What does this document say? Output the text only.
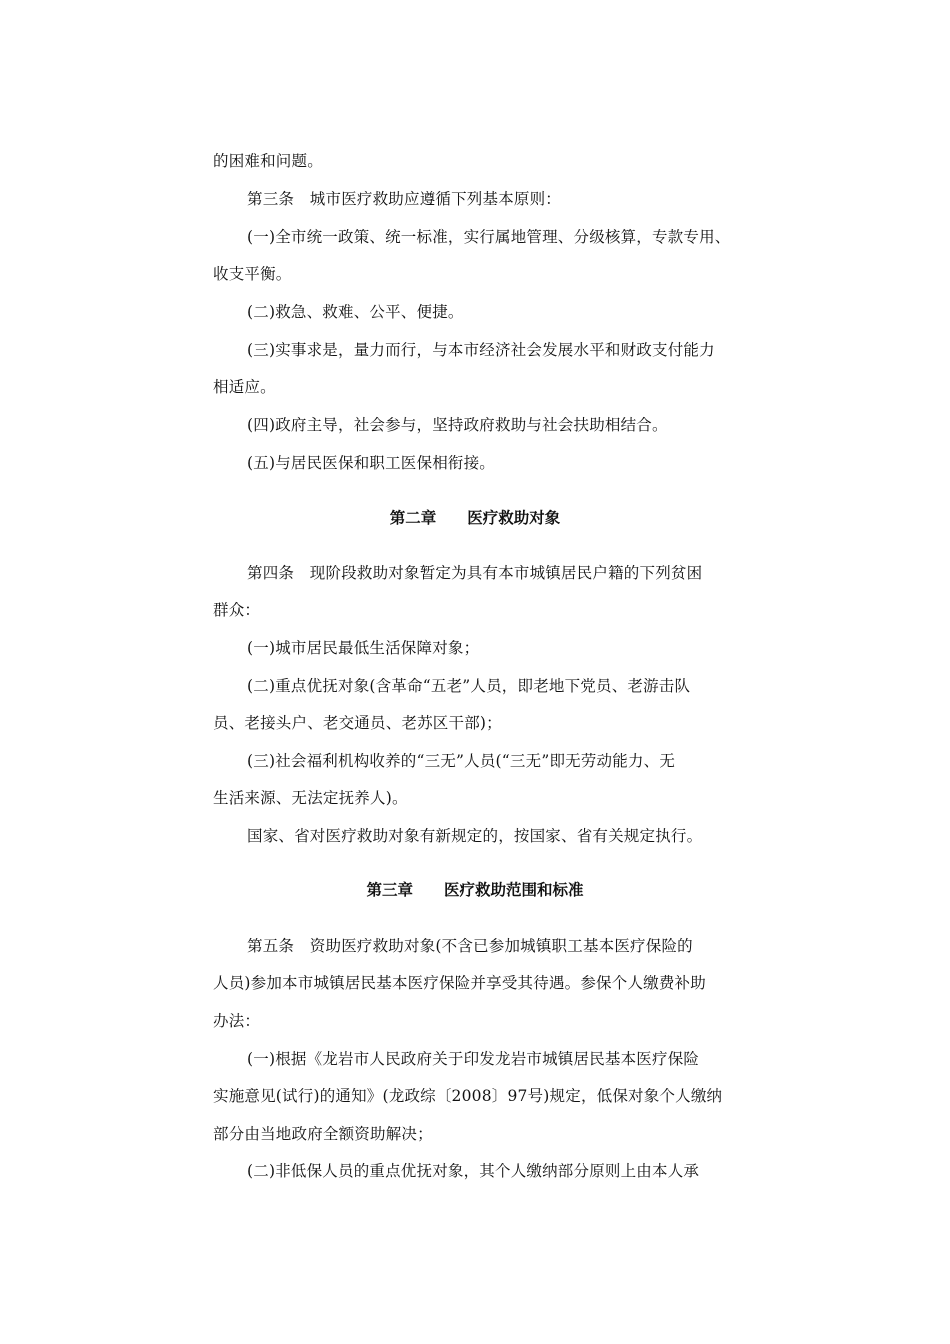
的困难和问题。
第三条　城市医疗救助应遵循下列基本原则：
(一)全市统一政策、统一标准，实行属地管理、分级核算，专款专用、
收支平衡。
(二)救急、救难、公平、便捷。
(三)实事求是，量力而行，与本市经济社会发展水平和财政支付能力
相适应。
(四)政府主导，社会参与，坚持政府救助与社会扶助相结合。
(五)与居民医保和职工医保相衔接。
第二章　　医疗救助对象
第四条　现阶段救助对象暂定为具有本市城镇居民户籍的下列贫困
群众：
(一)城市居民最低生活保障对象；
(二)重点优抚对象(含革命“五老”人员，即老地下党员、老游击队
员、老接头户、老交通员、老苏区干部)；
(三)社会福利机构收养的“三无”人员(“三无”即无劳动能力、无
生活来源、无法定抚养人)。
国家、省对医疗救助对象有新规定的，按国家、省有关规定执行。
第三章　　医疗救助范围和标准
第五条　资助医疗救助对象(不含已参加城镇职工基本医疗保险的
人员)参加本市城镇居民基本医疗保险并享受其待遇。参保个人缴费补助
办法：
(一)根据《龙岩市人民政府关于印发龙岩市城镇居民基本医疗保险
实施意见(试行)的通知》(龙政综〔2008〕97号)规定，低保对象个人缴纳
部分由当地政府全额资助解决；
(二)非低保人员的重点优抚对象，其个人缴纳部分原则上由本人承
